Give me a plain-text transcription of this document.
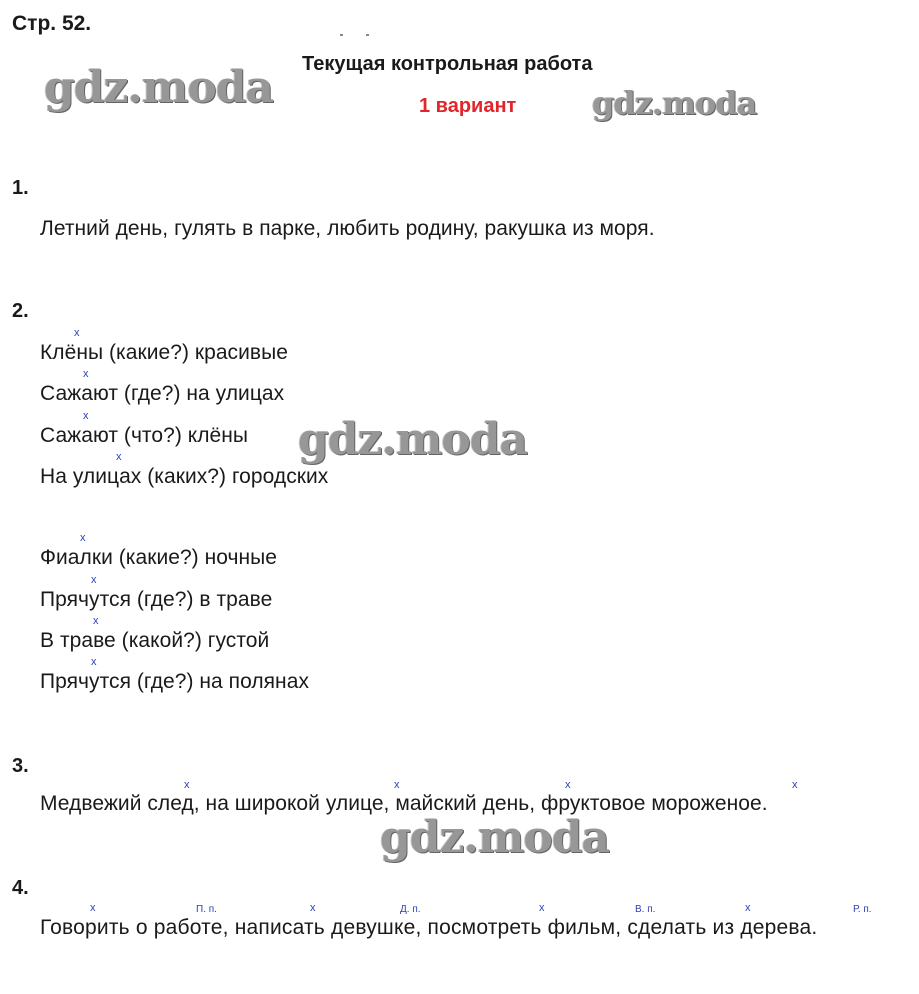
Стр. 52.
Текущая контрольная работа
1 вариант
gdz.moda	gdz.moda
gdz.moda
gdz.moda
1.
Летний день, гулять в парке, любить родину, ракушка из моря.
2.
x
Клёны (какие?) красивые
x
Сажают (где?) на улицах
x
Сажают (что?) клёны
x
На улицах (каких?) городских
x
Фиалки (какие?) ночные
x
Прячутся (где?) в траве
x
В траве (какой?) густой
x
Прячутся (где?) на полянах
3.
x	x	x	x
Медвежий след, на широкой улице, майский день, фруктовое мороженое.
4.
x	П. п.	x	Д. п.	x	В. п.	x	Р. п.
Говорить о работе, написать девушке, посмотреть фильм, сделать из дерева.
